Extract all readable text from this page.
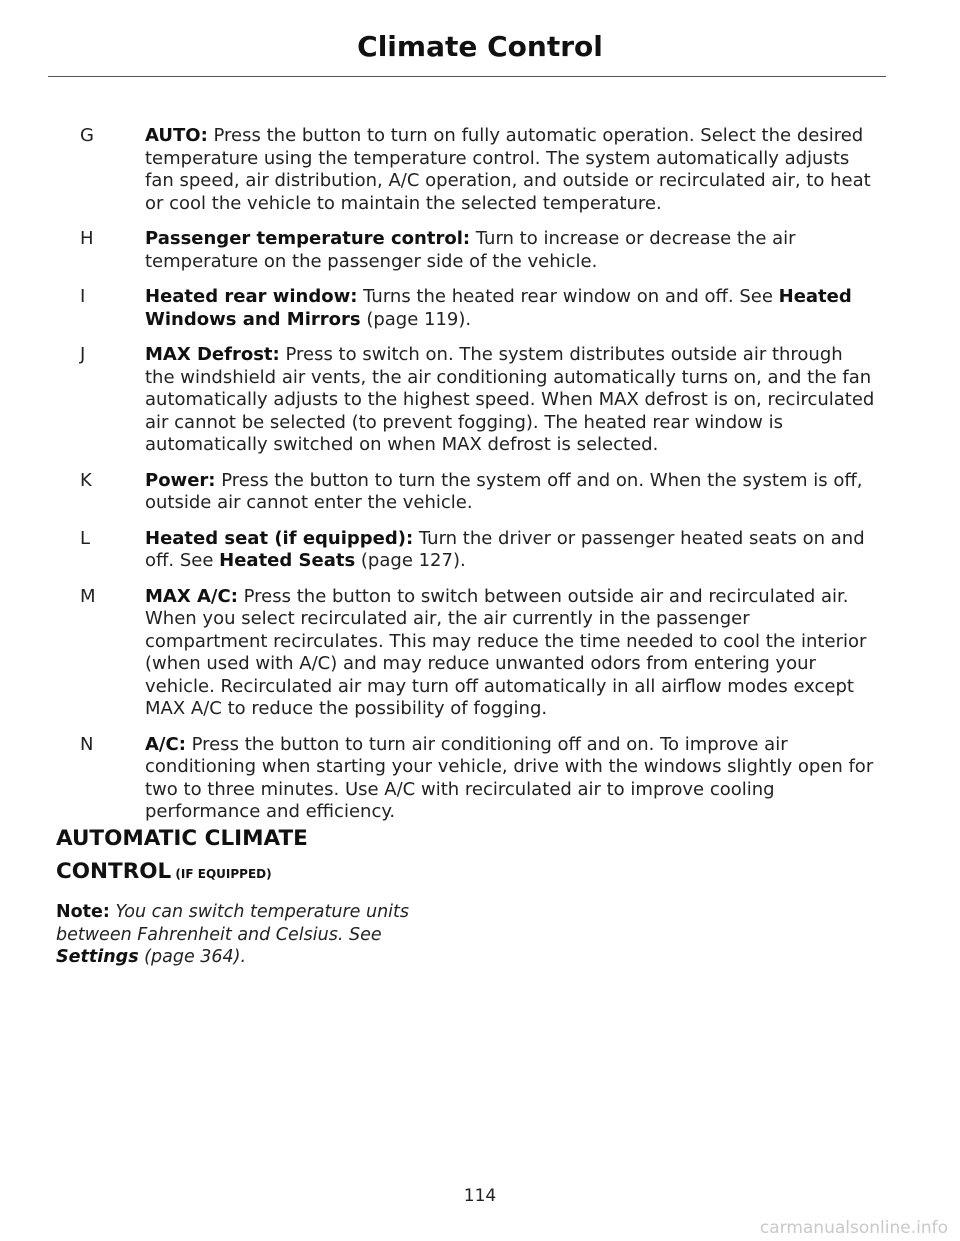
Climate Control
G	AUTO: Press the button to turn on fully automatic operation. Select the desired temperature using the temperature control. The system automatically adjusts fan speed, air distribution, A/C operation, and outside or recirculated air, to heat or cool the vehicle to maintain the selected temperature.
H	Passenger temperature control: Turn to increase or decrease the air temperature on the passenger side of the vehicle.
I	Heated rear window: Turns the heated rear window on and off. See Heated Windows and Mirrors (page 119).
J	MAX Defrost: Press to switch on. The system distributes outside air through the windshield air vents, the air conditioning automatically turns on, and the fan automatically adjusts to the highest speed. When MAX defrost is on, recirculated air cannot be selected (to prevent fogging). The heated rear window is automatically switched on when MAX defrost is selected.
K	Power: Press the button to turn the system off and on. When the system is off, outside air cannot enter the vehicle.
L	Heated seat (if equipped): Turn the driver or passenger heated seats on and off. See Heated Seats (page 127).
M	MAX A/C: Press the button to switch between outside air and recirculated air. When you select recirculated air, the air currently in the passenger compartment recirculates. This may reduce the time needed to cool the interior (when used with A/C) and may reduce unwanted odors from entering your vehicle. Recirculated air may turn off automatically in all airflow modes except MAX A/C to reduce the possibility of fogging.
N	A/C: Press the button to turn air conditioning off and on. To improve air conditioning when starting your vehicle, drive with the windows slightly open for two to three minutes. Use A/C with recirculated air to improve cooling performance and efficiency.
AUTOMATIC CLIMATE
CONTROL (IF EQUIPPED)
Note: You can switch temperature units between Fahrenheit and Celsius. See Settings (page 364).
114
carmanualsonline.info
